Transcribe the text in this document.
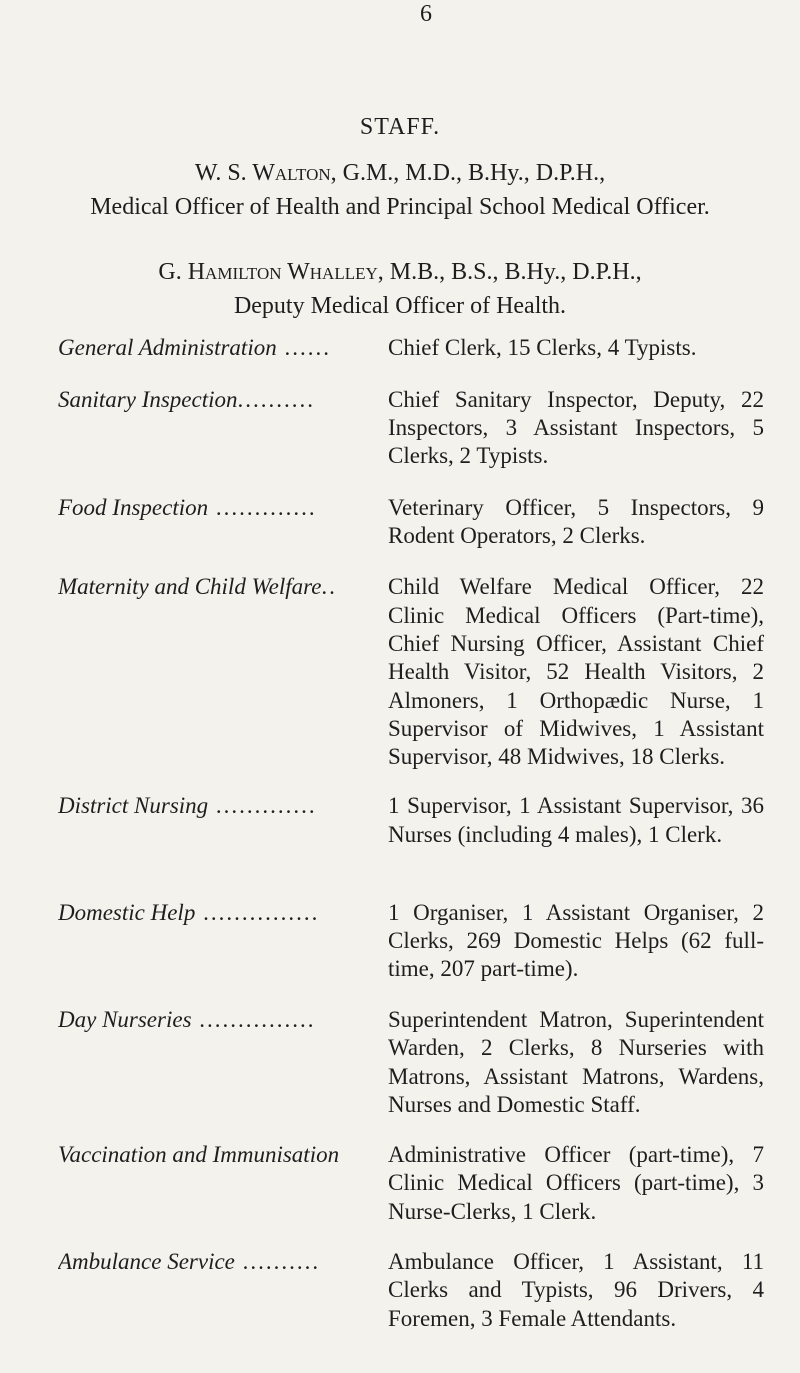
6
STAFF.
W. S. Walton, G.M., M.D., B.Hy., D.P.H.,
Medical Officer of Health and Principal School Medical Officer.
G. Hamilton Whalley, M.B., B.S., B.Hy., D.P.H.,
Deputy Medical Officer of Health.
General Administration ......	Chief Clerk, 15 Clerks, 4 Typists.
Sanitary Inspection..........	Chief Sanitary Inspector, Deputy, 22 Inspectors, 3 Assistant Inspectors, 5 Clerks, 2 Typists.
Food Inspection .............	Veterinary Officer, 5 Inspectors, 9 Rodent Operators, 2 Clerks.
Maternity and Child Welfare..	Child Welfare Medical Officer, 22 Clinic Medical Officers (Part-time), Chief Nursing Officer, Assistant Chief Health Visitor, 52 Health Visitors, 2 Almoners, 1 Orthopædic Nurse, 1 Supervisor of Midwives, 1 Assistant Supervisor, 48 Midwives, 18 Clerks.
District Nursing .............	1 Supervisor, 1 Assistant Supervisor, 36 Nurses (including 4 males), 1 Clerk.
Domestic Help ...............	1 Organiser, 1 Assistant Organiser, 2 Clerks, 269 Domestic Helps (62 full-time, 207 part-time).
Day Nurseries ...............	Superintendent Matron, Superintendent Warden, 2 Clerks, 8 Nurseries with Matrons, Assistant Matrons, Wardens, Nurses and Domestic Staff.
Vaccination and Immunisation	Administrative Officer (part-time), 7 Clinic Medical Officers (part-time), 3 Nurse-Clerks, 1 Clerk.
Ambulance Service ..........	Ambulance Officer, 1 Assistant, 11 Clerks and Typists, 96 Drivers, 4 Foremen, 3 Female Attendants.
